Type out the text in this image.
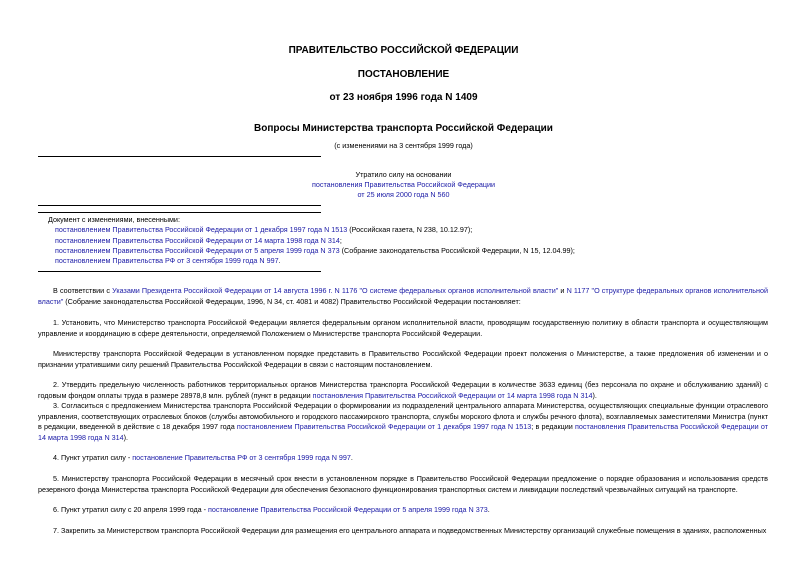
ПРАВИТЕЛЬСТВО РОССИЙСКОЙ ФЕДЕРАЦИИ
ПОСТАНОВЛЕНИЕ
от 23 ноября 1996 года N 1409
Вопросы Министерства транспорта Российской Федерации
(с изменениями на 3 сентября 1999 года)
Утратило силу на основании
постановления Правительства Российской Федерации
от 25 июля 2000 года N 560
Документ с изменениями, внесенными:
постановлением Правительства Российской Федерации от 1 декабря 1997 года N 1513 (Российская газета, N 238, 10.12.97);
постановлением Правительства Российской Федерации от 14 марта 1998 года N 314;
постановлением Правительства Российской Федерации от 5 апреля 1999 года N 373 (Собрание законодательства Российской Федерации, N 15, 12.04.99);
постановлением Правительства РФ от 3 сентября 1999 года N 997.
В соответствии с Указами Президента Российской Федерации от 14 августа 1996 г. N 1176 "О системе федеральных органов исполнительной власти" и N 1177 "О структуре федеральных органов исполнительной власти" (Собрание законодательства Российской Федерации, 1996, N 34, ст. 4081 и 4082) Правительство Российской Федерации постановляет:
1. Установить, что Министерство транспорта Российской Федерации является федеральным органом исполнительной власти, проводящим государственную политику в области транспорта и осуществляющим управление и координацию в сфере деятельности, определяемой Положением о Министерстве транспорта Российской Федерации.
Министерству транспорта Российской Федерации в установленном порядке представить в Правительство Российской Федерации проект положения о Министерстве, а также предложения об изменении и о признании утратившими силу решений Правительства Российской Федерации в связи с настоящим постановлением.
2. Утвердить предельную численность работников территориальных органов Министерства транспорта Российской Федерации в количестве 3633 единиц (без персонала по охране и обслуживанию зданий) с годовым фондом оплаты труда в размере 28978,8 млн. рублей (пункт в редакции постановления Правительства Российской Федерации от 14 марта 1998 года N 314).
3. Согласиться с предложением Министерства транспорта Российской Федерации о формировании из подразделений центрального аппарата Министерства, осуществляющих специальные функции отраслевого управления, соответствующих отраслевых блоков (службы автомобильного и городского пассажирского транспорта, службы морского флота и службы речного флота), возглавляемых заместителями Министра (пункт в редакции, введенной в действие с 18 декабря 1997 года постановлением Правительства Российской Федерации от 1 декабря 1997 года N 1513; в редакции постановления Правительства Российской Федерации от 14 марта 1998 года N 314).
4. Пункт утратил силу - постановление Правительства РФ от 3 сентября 1999 года N 997.
5. Министерству транспорта Российской Федерации в месячный срок внести в установленном порядке в Правительство Российской Федерации предложение о порядке образования и использования средств резервного фонда Министерства транспорта Российской Федерации для обеспечения безопасного функционирования транспортных систем и ликвидации последствий чрезвычайных ситуаций на транспорте.
6. Пункт утратил силу с 20 апреля 1999 года - постановление Правительства Российской Федерации от 5 апреля 1999 года N 373.
7. Закрепить за Министерством транспорта Российской Федерации для размещения его центрального аппарата и подведомственных Министерству организаций служебные помещения в зданиях, расположенных
